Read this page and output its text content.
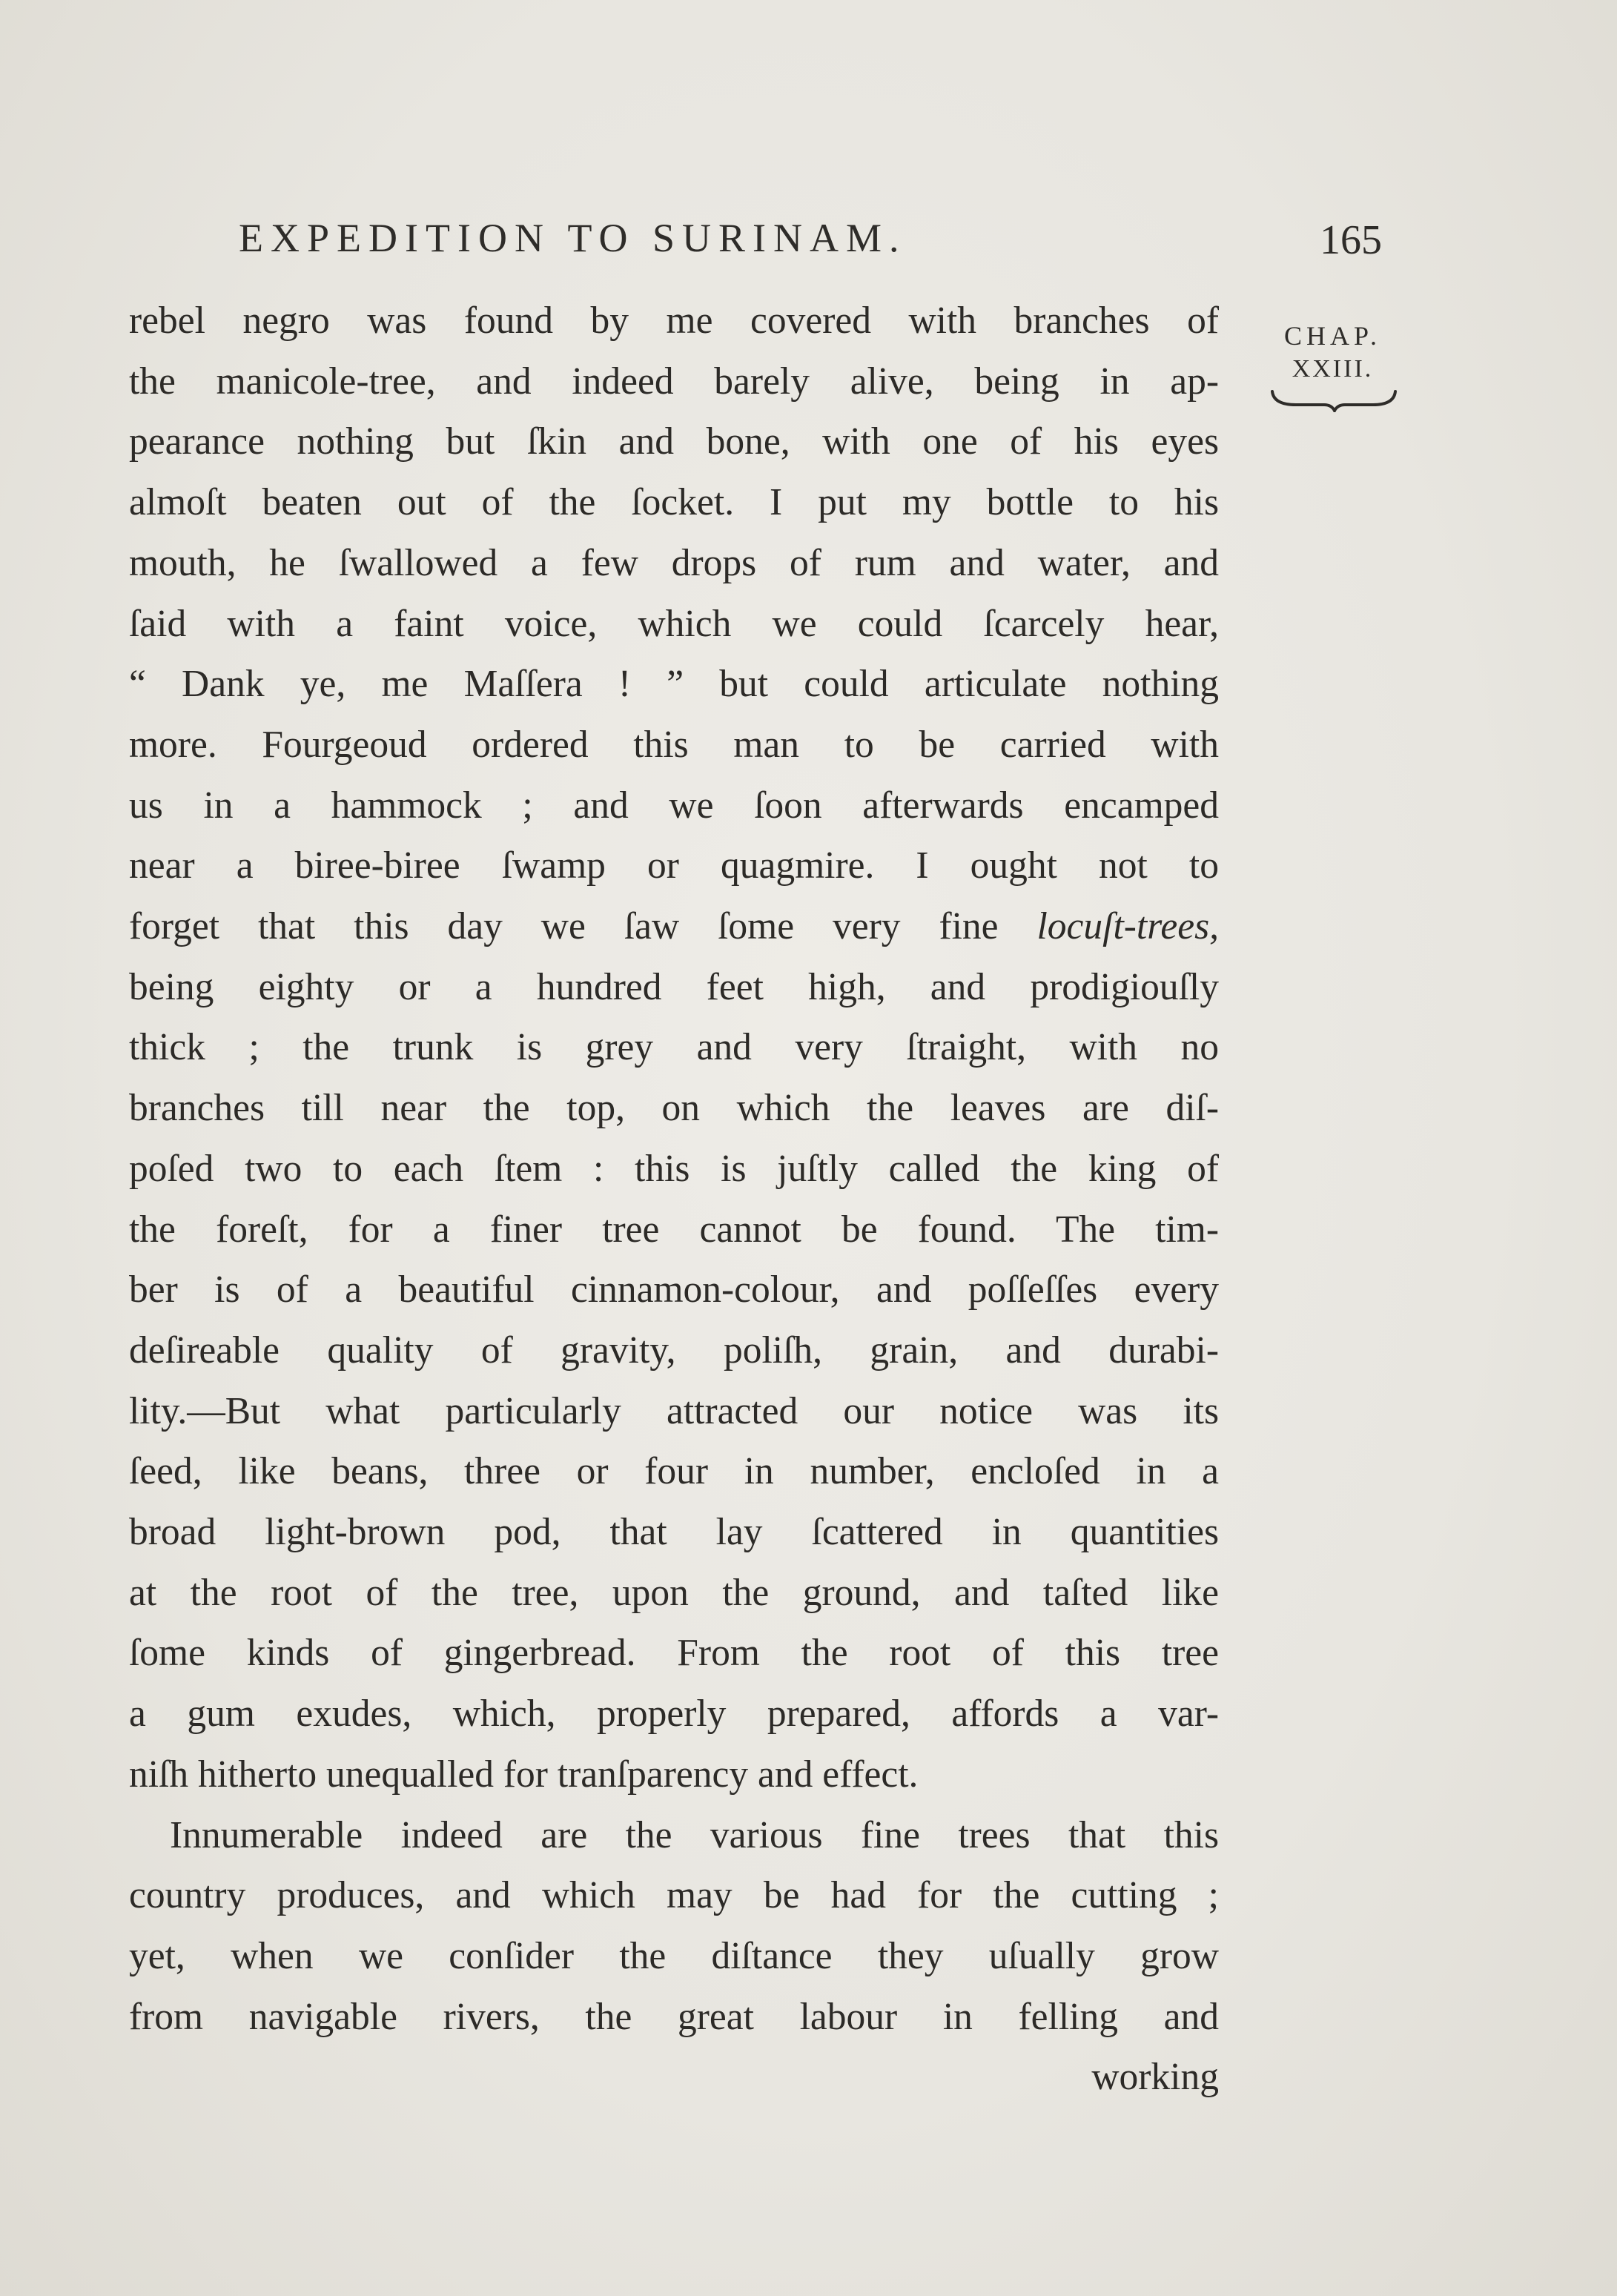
EXPEDITION TO SURINAM.	165
CHAP.
XXIII.

rebel negro was found by me covered with branches of

the manicole-tree, and indeed barely alive, being in ap-

pearance nothing but ſkin and bone, with one of his eyes

almoſt beaten out of the ſocket. I put my bottle to his

mouth, he ſwallowed a few drops of rum and water, and

ſaid with a faint voice, which we could ſcarcely hear,

“ Dank ye, me Maſſera ! ” but could articulate nothing

more. Fourgeoud ordered this man to be carried with

us in a hammock ; and we ſoon afterwards encamped

near a biree-biree ſwamp or quagmire. I ought not to

forget that this day we ſaw ſome very fine locuſt-trees,

being eighty or a hundred feet high, and prodigiouſly

thick ; the trunk is grey and very ſtraight, with no

branches till near the top, on which the leaves are diſ-

poſed two to each ſtem : this is juſtly called the king of

the foreſt, for a finer tree cannot be found. The tim-

ber is of a beautiful cinnamon-colour, and poſſeſſes every

deſireable quality of gravity, poliſh, grain, and durabi-

lity.—But what particularly attracted our notice was its

ſeed, like beans, three or four in number, encloſed in a

broad light-brown pod, that lay ſcattered in quantities

at the root of the tree, upon the ground, and taſted like

ſome kinds of gingerbread. From the root of this tree

a gum exudes, which, properly prepared, affords a var-

niſh hitherto unequalled for tranſparency and effect.

Innumerable indeed are the various fine trees that this

country produces, and which may be had for the cutting ;

yet, when we conſider the diſtance they uſually grow

from navigable rivers, the great labour in felling and

working
